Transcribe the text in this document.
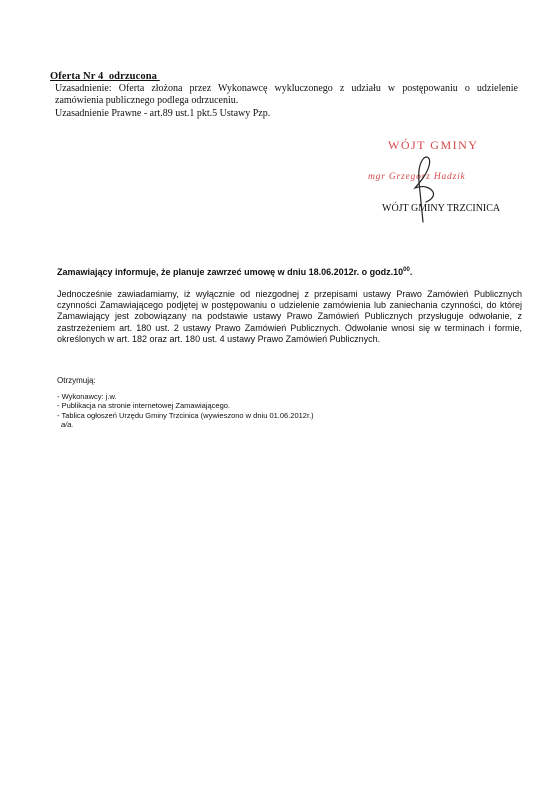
Oferta Nr 4  odrzucona
Uzasadnienie: Oferta złożona przez Wykonawcę wykluczonego z udziału w postępowaniu o udzielenie zamówienia publicznego podlega odrzuceniu.
Uzasadnienie Prawne - art.89 ust.1 pkt.5 Ustawy Pzp.
WÓJT GMINY
mgr Grzegorz Hadzik
WÓJT GMINY TRZCINICA
Zamawiający informuje, że planuje zawrzeć umowę w dniu 18.06.2012r. o $godz.10^{00}$.
Jednocześnie zawiadamiamy, iż wyłącznie od niezgodnej z przepisami ustawy Prawo Zamówień Publicznych czynności Zamawiającego podjętej w postępowaniu o udzielenie zamówienia lub zaniechania czynności, do której Zamawiający jest zobowiązany na podstawie ustawy Prawo Zamówień Publicznych przysługuje odwołanie, z zastrzeżeniem art. 180 ust. 2 ustawy Prawo Zamówień Publicznych. Odwołanie wnosi się w terminach i formie, określonych w art. 182 oraz art. 180 ust. 4 ustawy Prawo Zamówień Publicznych.
Otrzymują:
- Wykonawcy: j.w.
- Publikacja na stronie internetowej Zamawiającego.
- Tablica ogłoszeń Urzędu Gminy Trzcinica (wywieszono w dniu 01.06.2012r.)
a/a.
